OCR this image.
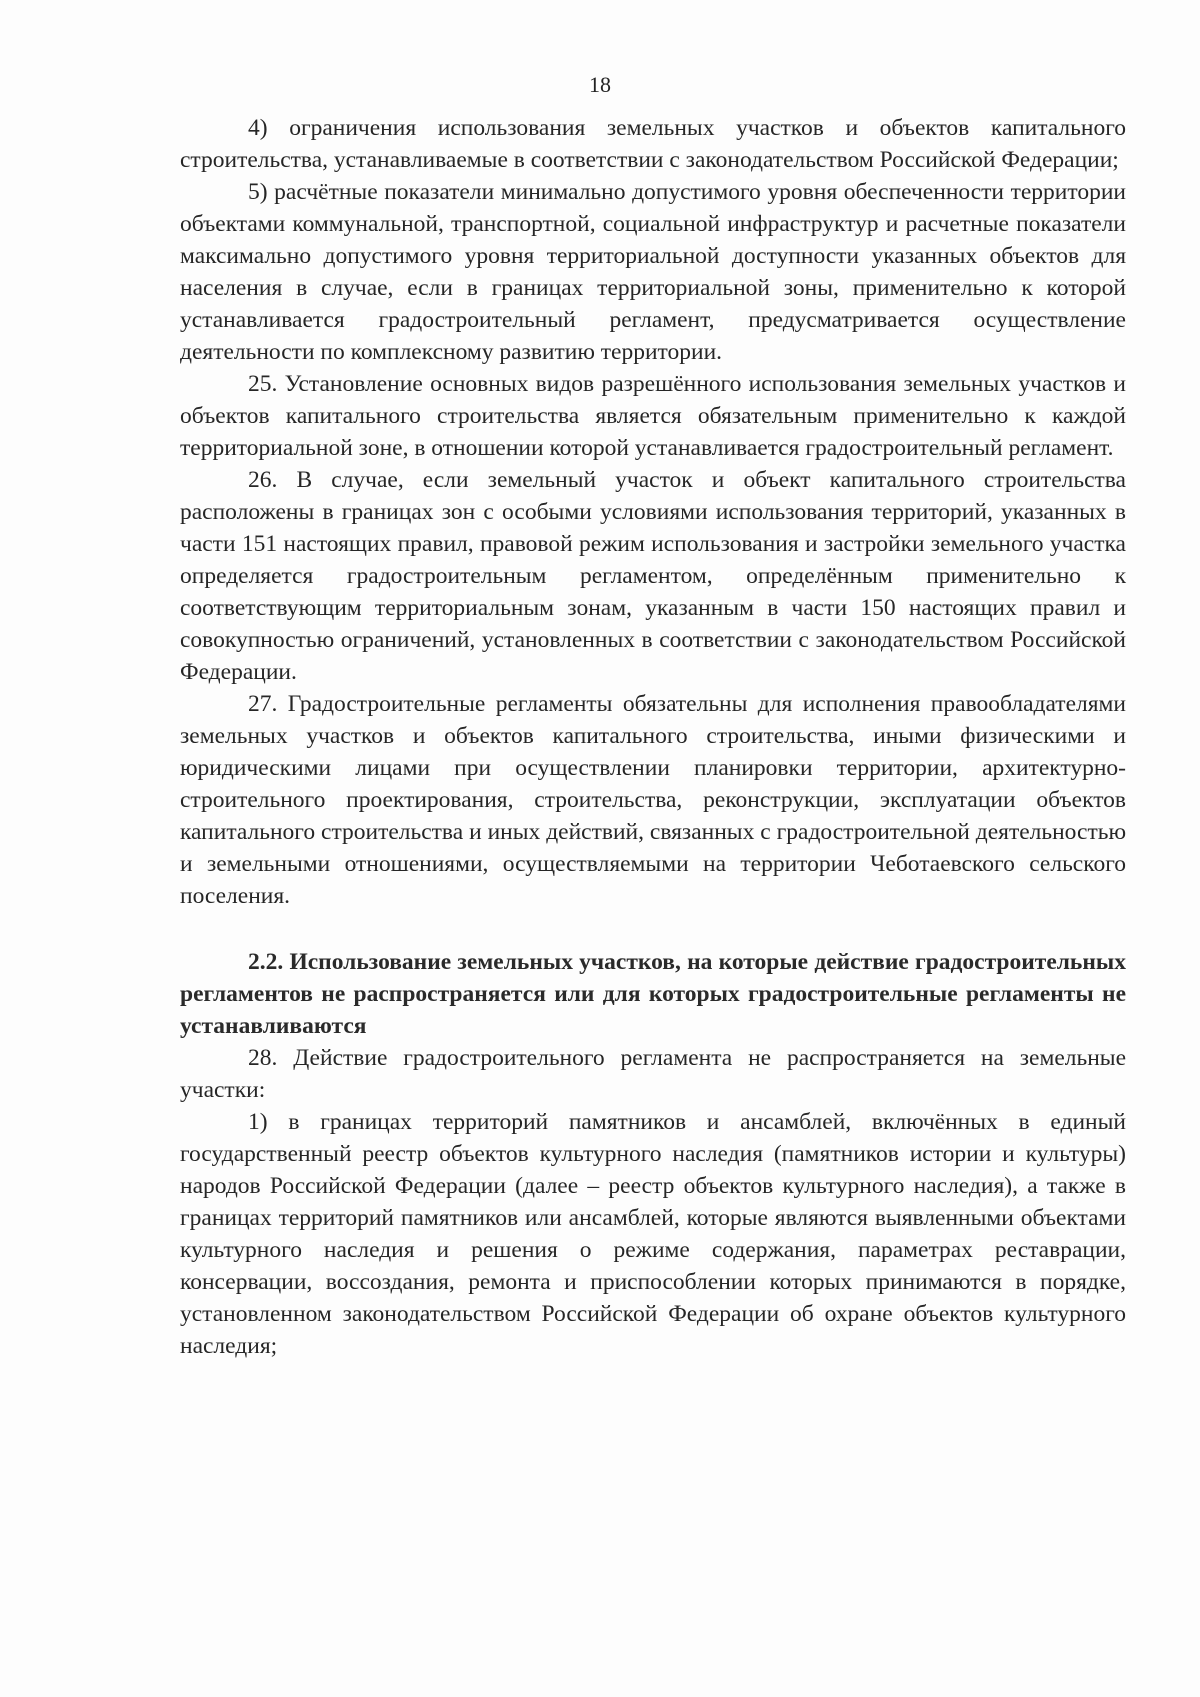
18

4) ограничения использования земельных участков и объектов капитального строительства, устанавливаемые в соответствии с законодательством Российской Федерации;

5) расчётные показатели минимально допустимого уровня обеспеченности территории объектами коммунальной, транспортной, социальной инфраструктур и расчетные показатели максимально допустимого уровня территориальной доступности указанных объектов для населения в случае, если в границах территориальной зоны, применительно к которой устанавливается градостроительный регламент, предусматривается осуществление деятельности по комплексному развитию территории.

25. Установление основных видов разрешённого использования земельных участков и объектов капитального строительства является обязательным применительно к каждой территориальной зоне, в отношении которой устанавливается градостроительный регламент.

26. В случае, если земельный участок и объект капитального строительства расположены в границах зон с особыми условиями использования территорий, указанных в части 151 настоящих правил, правовой режим использования и застройки земельного участка определяется градостроительным регламентом, определённым применительно к соответствующим территориальным зонам, указанным в части 150 настоящих правил и совокупностью ограничений, установленных в соответствии с законодательством Российской Федерации.

27. Градостроительные регламенты обязательны для исполнения правообладателями земельных участков и объектов капитального строительства, иными физическими и юридическими лицами при осуществлении планировки территории, архитектурно-строительного проектирования, строительства, реконструкции, эксплуатации объектов капитального строительства и иных действий, связанных с градостроительной деятельностью и земельными отношениями, осуществляемыми на территории Чеботаевского сельского поселения.

2.2. Использование земельных участков, на которые действие градостроительных регламентов не распространяется или для которых градостроительные регламенты не устанавливаются

28. Действие градостроительного регламента не распространяется на земельные участки:

1) в границах территорий памятников и ансамблей, включённых в единый государственный реестр объектов культурного наследия (памятников истории и культуры) народов Российской Федерации (далее – реестр объектов культурного наследия), а также в границах территорий памятников или ансамблей, которые являются выявленными объектами культурного наследия и решения о режиме содержания, параметрах реставрации, консервации, воссоздания, ремонта и приспособлении которых принимаются в порядке, установленном законодательством Российской Федерации об охране объектов культурного наследия;
